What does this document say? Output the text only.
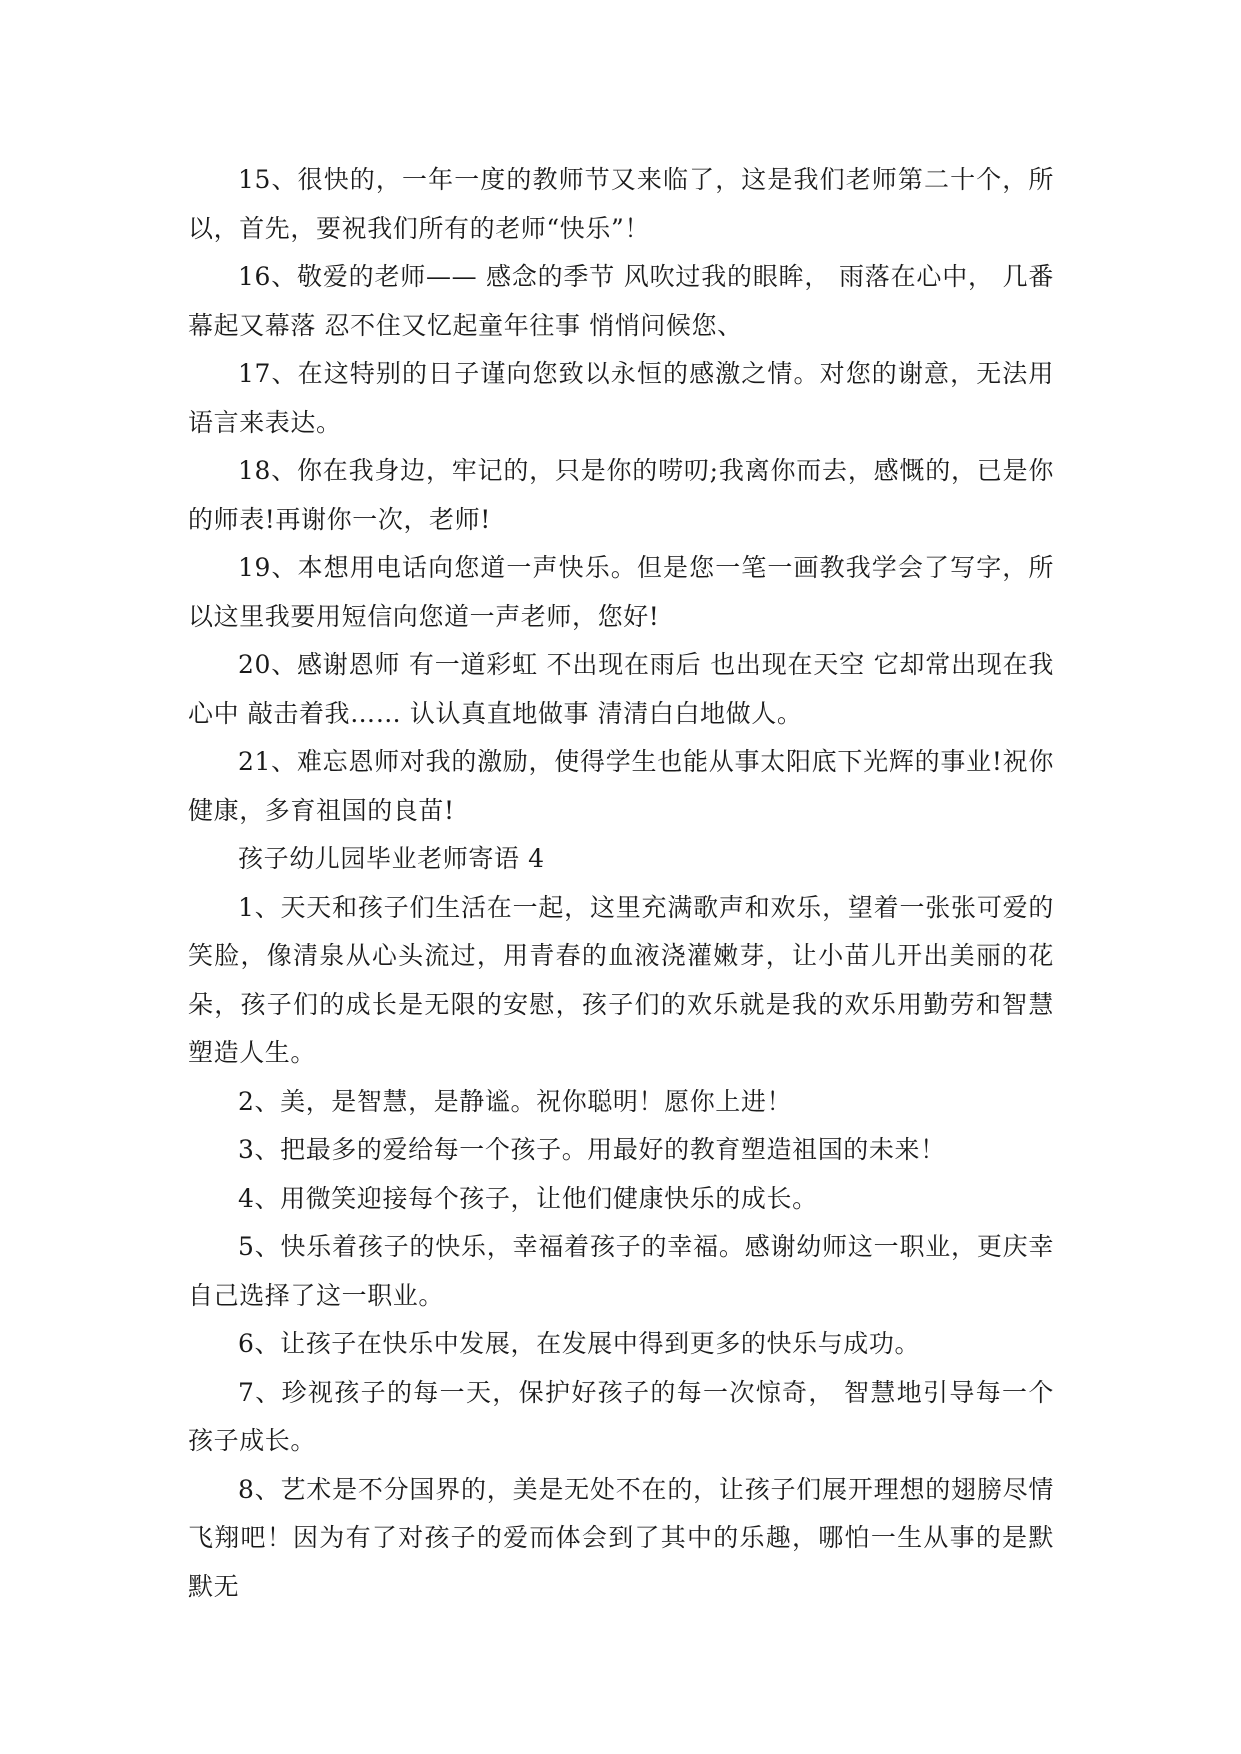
15、很快的，一年一度的教师节又来临了，这是我们老师第二十个，所以，首先，要祝我们所有的老师“快乐”！

16、敬爱的老师—— 感念的季节 风吹过我的眼眸， 雨落在心中， 几番幕起又幕落 忍不住又忆起童年往事 悄悄问候您、

17、在这特别的日子谨向您致以永恒的感激之情。对您的谢意，无法用语言来表达。

18、你在我身边，牢记的，只是你的唠叨;我离你而去，感慨的，已是你的师表!再谢你一次，老师!

19、本想用电话向您道一声快乐。但是您一笔一画教我学会了写字，所以这里我要用短信向您道一声老师，您好!

20、感谢恩师 有一道彩虹 不出现在雨后 也出现在天空 它却常出现在我心中 敲击着我…… 认认真直地做事 清清白白地做人。

21、难忘恩师对我的激励，使得学生也能从事太阳底下光辉的事业!祝你健康，多育祖国的良苗!

孩子幼儿园毕业老师寄语 4

1、天天和孩子们生活在一起，这里充满歌声和欢乐，望着一张张可爱的笑脸，像清泉从心头流过，用青春的血液浇灌嫩芽，让小苗儿开出美丽的花朵，孩子们的成长是无限的安慰，孩子们的欢乐就是我的欢乐用勤劳和智慧塑造人生。

2、美，是智慧，是静谧。祝你聪明！愿你上进！

3、把最多的爱给每一个孩子。用最好的教育塑造祖国的未来！

4、用微笑迎接每个孩子，让他们健康快乐的成长。

5、快乐着孩子的快乐，幸福着孩子的幸福。感谢幼师这一职业，更庆幸自己选择了这一职业。

6、让孩子在快乐中发展，在发展中得到更多的快乐与成功。

7、珍视孩子的每一天，保护好孩子的每一次惊奇， 智慧地引导每一个孩子成长。

8、艺术是不分国界的，美是无处不在的，让孩子们展开理想的翅膀尽情飞翔吧！因为有了对孩子的爱而体会到了其中的乐趣，哪怕一生从事的是默默无
